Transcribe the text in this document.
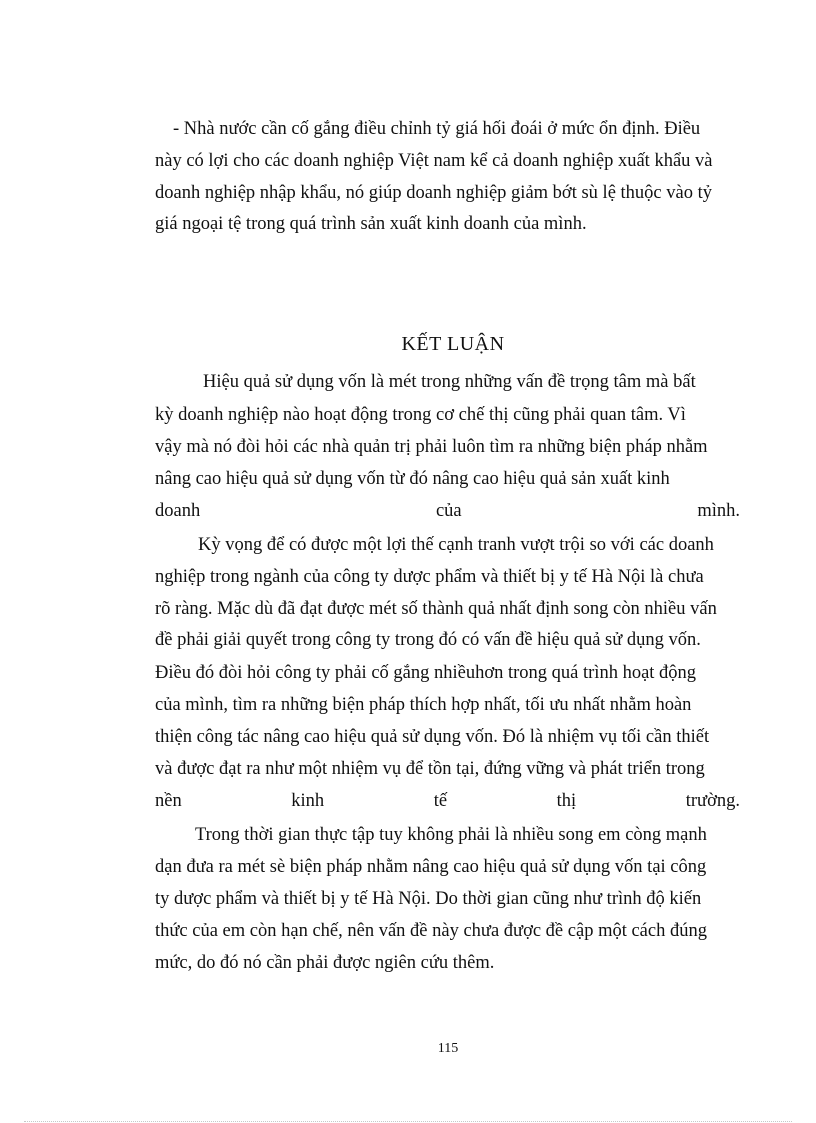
- Nhà nước cần cố gắng điều chỉnh tỷ giá hối đoái ở mức ổn định. Điều
này có lợi cho các doanh nghiệp Việt nam kể cả doanh nghiệp xuất khẩu và
doanh nghiệp nhập khẩu, nó giúp doanh nghiệp giảm bớt sù lệ thuộc vào tỷ
giá ngoại tệ trong quá trình sản xuất kinh doanh của mình.
KẾT LUẬN
Hiệu quả sử dụng vốn là mét trong những vấn đề trọng tâm mà bất
kỳ doanh nghiệp nào hoạt động trong cơ chế thị cũng phải quan tâm. Vì
vậy mà nó đòi hỏi các nhà quản trị phải luôn tìm ra những biện pháp nhằm
nâng cao hiệu quả sử dụng vốn từ đó nâng cao hiệu quả sản xuất kinh
doanh	của	mình.
Kỳ vọng để có được một lợi thế cạnh tranh vượt trội so với các doanh
nghiệp trong ngành của công ty dược phẩm và thiết bị y tế Hà Nội là chưa
rõ ràng. Mặc dù đã đạt được mét số thành quả nhất định song còn nhiều vấn
đề phải giải quyết trong công ty trong đó có vấn đề hiệu quả sử dụng vốn.
Điều đó đòi hỏi công ty phải cố gắng nhiềuhơn trong quá trình hoạt động
của mình, tìm ra những biện pháp thích hợp nhất, tối ưu nhất nhằm hoàn
thiện công tác nâng cao hiệu quả sử dụng vốn. Đó là nhiệm vụ tối cần thiết
và được đạt ra như một nhiệm vụ để tồn tại, đứng vững và phát triển trong
nền	kinh	tế	thị	trường.
Trong thời gian thực tập tuy không phải là nhiều song em còng mạnh
dạn đưa ra mét sè biện pháp nhằm nâng cao hiệu quả sử dụng vốn tại công
ty dược phẩm và thiết bị y tế Hà Nội. Do thời gian cũng như trình độ kiến
thức của em còn hạn chế, nên vấn đề này chưa được đề cập một cách đúng
mức, do đó nó cần phải được ngiên cứu thêm.
115
